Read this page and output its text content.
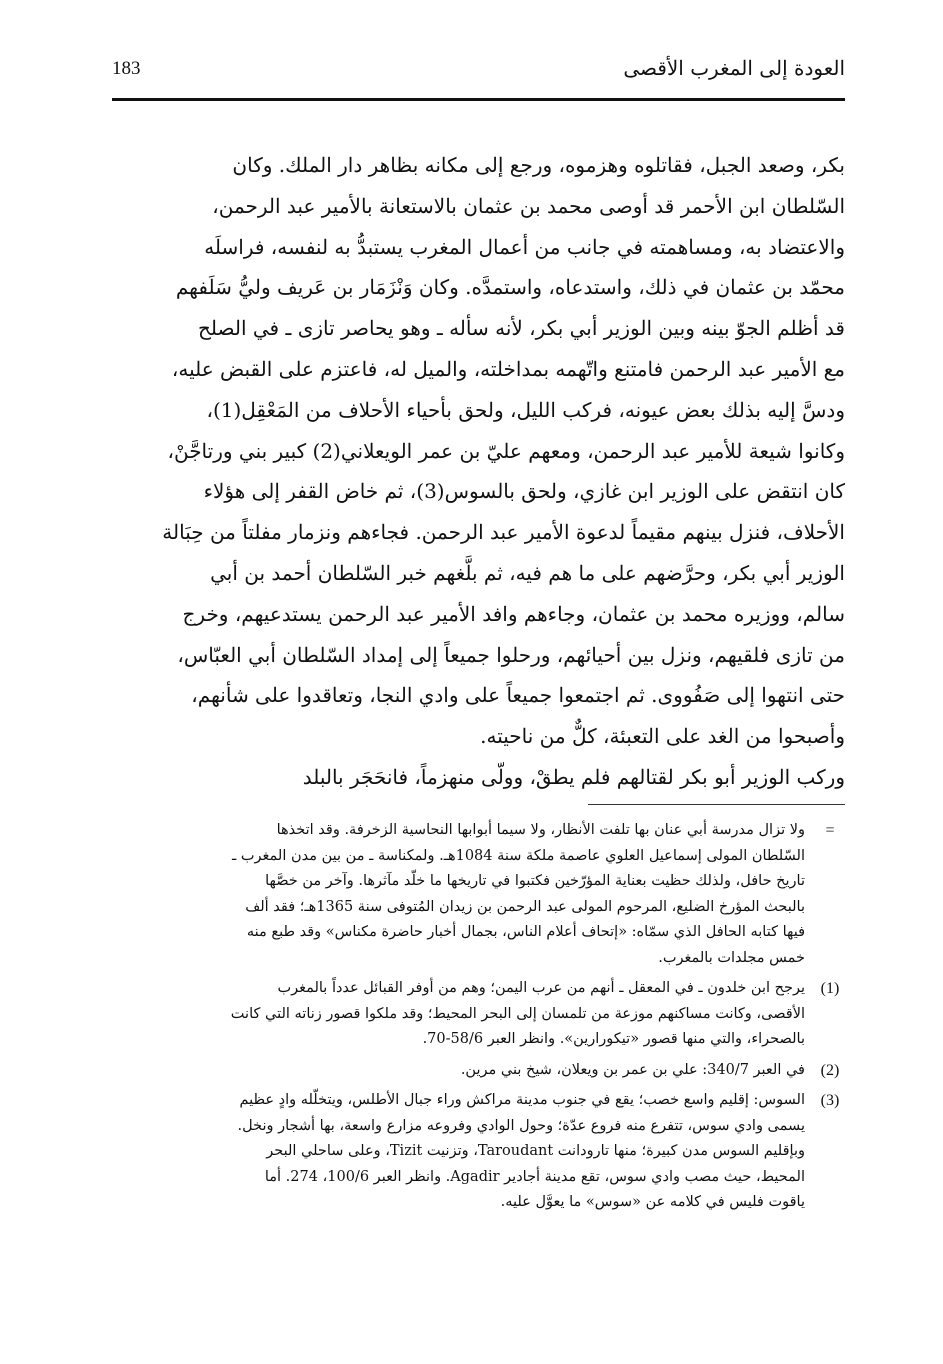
183	العودة إلى المغرب الأقصى
بكر، وصعد الجبل، فقاتلوه وهزموه، ورجع إلى مكانه بظاهر دار الملك. وكان
السّلطان ابن الأحمر قد أوصى محمد بن عثمان بالاستعانة بالأمير عبد الرحمن،
والاعتضاد به، ومساهمته في جانب من أعمال المغرب يستبدُّ به لنفسه، فراسلَه
محمّد بن عثمان في ذلك، واستدعاه، واستمدَّه. وكان وَنْزَمَار بن عَريف وليُّ سَلَفهم
قد أظلم الجوّ بينه وبين الوزير أبي بكر، لأنه سأله ـ وهو يحاصر تازى ـ في الصلح
مع الأمير عبد الرحمن فامتنع واتّهمه بمداخلته، والميل له، فاعتزم على القبض عليه،
ودسَّ إليه بذلك بعض عيونه، فركب الليل، ولحق بأحياء الأحلاف من المَعْقِل(1)،
وكانوا شيعة للأمير عبد الرحمن، ومعهم عليّ بن عمر الويعلاني(2) كبير بني ورتاجَّنْ،
كان انتقض على الوزير ابن غازي، ولحق بالسوس(3)، ثم خاض القفر إلى هؤلاء
الأحلاف، فنزل بينهم مقيماً لدعوة الأمير عبد الرحمن. فجاءهم ونزمار مفلتاً من حِبَالة
الوزير أبي بكر، وحرَّضهم على ما هم فيه، ثم بلَّغهم خبر السّلطان أحمد بن أبي
سالم، ووزيره محمد بن عثمان، وجاءهم وافد الأمير عبد الرحمن يستدعيهم، وخرج
من تازى فلقيهم، ونزل بين أحيائهم، ورحلوا جميعاً إلى إمداد السّلطان أبي العبّاس،
حتى انتهوا إلى صَفُووى. ثم اجتمعوا جميعاً على وادي النجا، وتعاقدوا على شأنهم،
وأصبحوا من الغد على التعبئة، كلٌّ من ناحيته.
وركب الوزير أبو بكر لقتالهم فلم يطقْ، وولّى منهزماً، فانحَجَر بالبلد
=
ولا تزال مدرسة أبي عنان بها تلفت الأنظار، ولا سيما أبوابها النحاسية الزخرفة. وقد اتخذها
السّلطان المولى إسماعيل العلوي عاصمة ملكة سنة 1084هـ. ولمكناسة ـ من بين مدن المغرب ـ
تاريخ حافل، ولذلك حظيت بعناية المؤرّخين فكتبوا في تاريخها ما خلَّد مآثرها. وآخر من خصَّها
بالبحث المؤرخ الضليع، المرحوم المولى عبد الرحمن بن زيدان المُتوفى سنة 1365هـ؛ فقد ألف
فيها كتابه الحافل الذي سمّاه: «إتحاف أعلام الناس، بجمال أخبار حاضرة مكناس» وقد طبع منه
خمس مجلدات بالمغرب.
(1)
يرجح ابن خلدون ـ في المعقل ـ أنهم من عرب اليمن؛ وهم من أوفر القبائل عدداً بالمغرب
الأقصى، وكانت مساكنهم موزعة من تلمسان إلى البحر المحيط؛ وقد ملكوا قصور زناته التي كانت
بالصحراء، والتي منها قصور «تيكورارين». وانظر العبر 58/6-70.
(2)
في العبر 340/7: علي بن عمر بن ويعلان، شيخ بني مرين.
(3)
السوس: إقليم واسع خصب؛ يقع في جنوب مدينة مراكش وراء جبال الأطلس، ويتخلّله وادٍ عظيم
يسمى وادي سوس، تتفرع منه فروع عدّة؛ وحول الوادي وفروعه مزارع واسعة، بها أشجار ونخل.
وبإقليم السوس مدن كبيرة؛ منها تارودانت Taroudant، وتزنيت Tizit، وعلى ساحلي البحر
المحيط، حيث مصب وادي سوس، تقع مدينة أجادير Agadir. وانظر العبر 100/6، 274. أما
ياقوت فليس في كلامه عن «سوس» ما يعوَّل عليه.
